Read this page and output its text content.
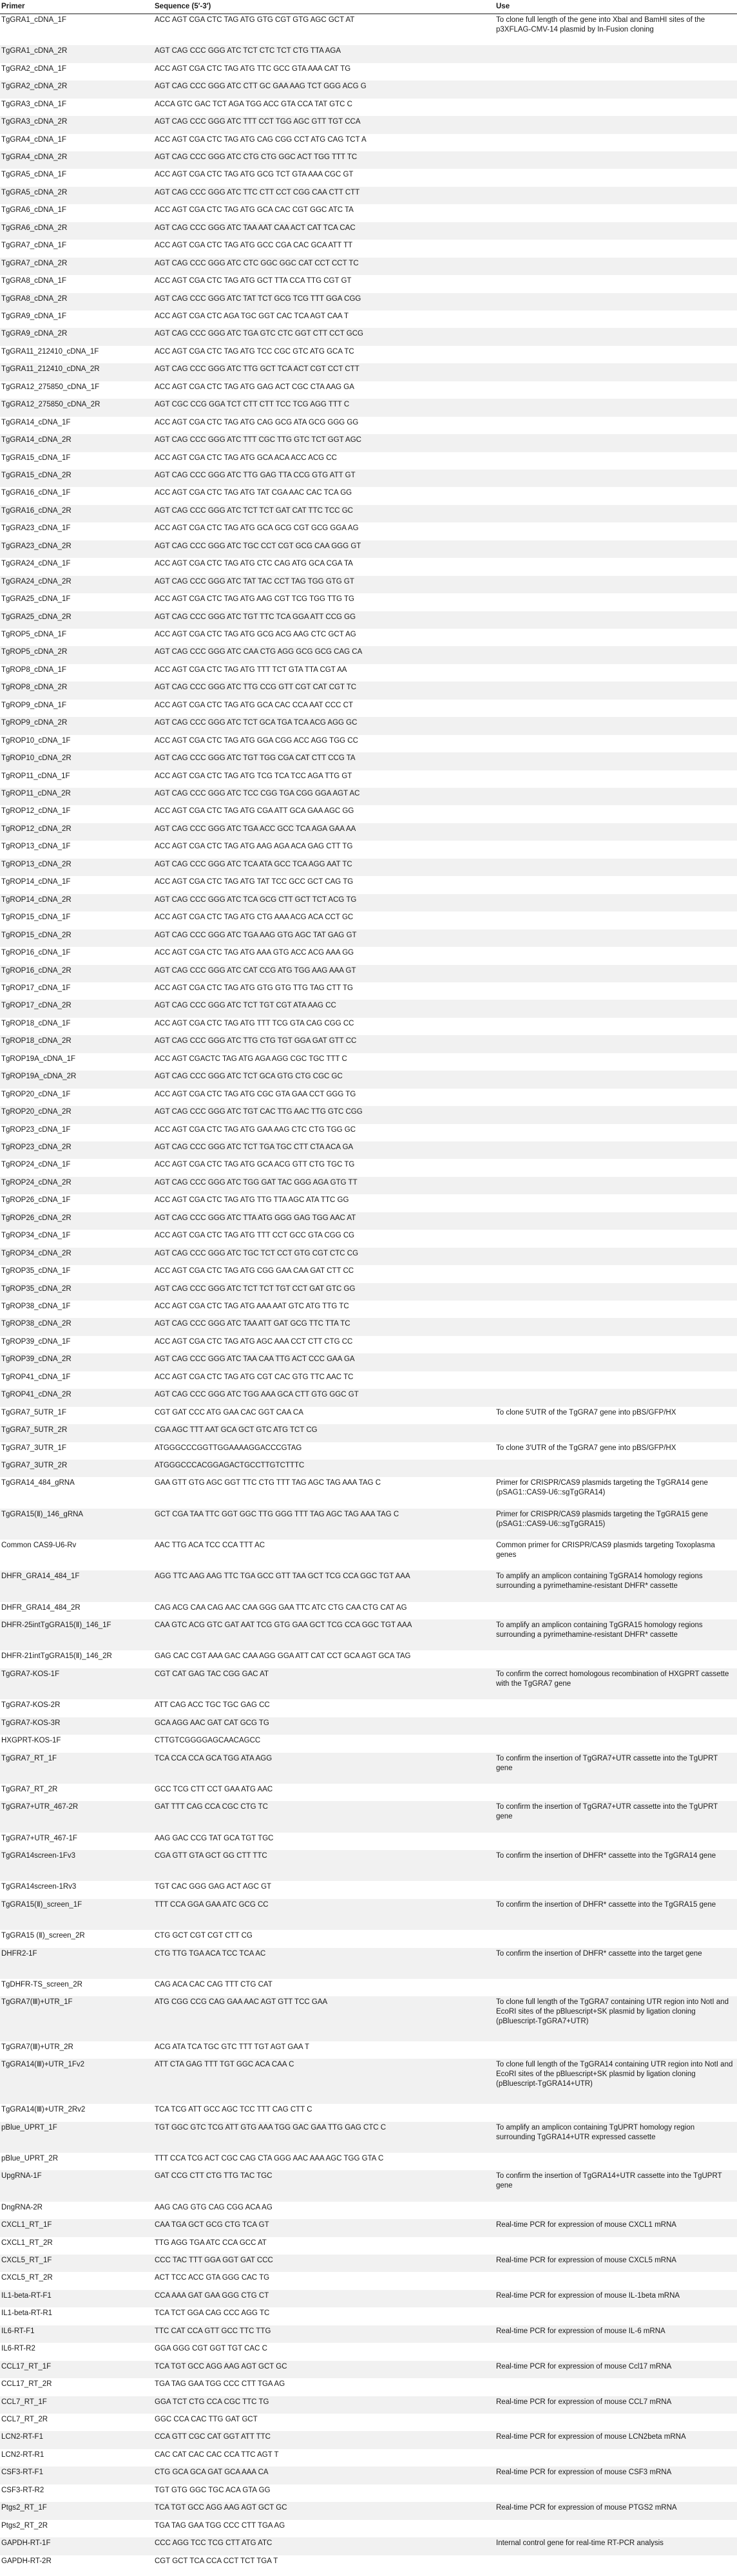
Primer	Sequence (5′-3′)	Use
TgGRA1_cDNA_1F	ACC AGT CGA CTC TAG ATG GTG CGT GTG AGC GCT AT	To clone full length of the gene into XbaI and BamHI sites of the p3XFLAG-CMV-14 plasmid by In-Fusion cloning
TgGRA1_cDNA_2R	AGT CAG CCC GGG ATC TCT CTC TCT CTG TTA AGA
TgGRA2_cDNA_1F	ACC AGT CGA CTC TAG ATG TTC GCC GTA AAA CAT TG
TgGRA2_cDNA_2R	AGT CAG CCC GGG ATC CTT GC GAA AAG TCT GGG ACG G
TgGRA3_cDNA_1F	ACCA GTC GAC TCT AGA TGG ACC GTA CCA TAT GTC C
TgGRA3_cDNA_2R	AGT CAG CCC GGG ATC TTT CCT TGG AGC GTT TGT CCA
TgGRA4_cDNA_1F	ACC AGT CGA CTC TAG ATG CAG CGG CCT ATG CAG TCT A
TgGRA4_cDNA_2R	AGT CAG CCC GGG ATC CTG CTG GGC ACT TGG TTT TC
TgGRA5_cDNA_1F	ACC AGT CGA CTC TAG ATG GCG TCT GTA AAA CGC GT
TgGRA5_cDNA_2R	AGT CAG CCC GGG ATC TTC CTT CCT CGG CAA CTT CTT
TgGRA6_cDNA_1F	ACC AGT CGA CTC TAG ATG GCA CAC CGT GGC ATC TA
TgGRA6_cDNA_2R	AGT CAG CCC GGG ATC TAA AAT CAA ACT CAT TCA CAC
TgGRA7_cDNA_1F	ACC AGT CGA CTC TAG ATG GCC CGA CAC GCA ATT TT
TgGRA7_cDNA_2R	AGT CAG CCC GGG ATC CTC GGC GGC CAT CCT CCT TC
TgGRA8_cDNA_1F	ACC AGT CGA CTC TAG ATG GCT TTA CCA TTG CGT GT
TgGRA8_cDNA_2R	AGT CAG CCC GGG ATC TAT TCT GCG TCG TTT GGA CGG
TgGRA9_cDNA_1F	ACC AGT CGA CTC AGA TGC GGT CAC TCA AGT CAA T
TgGRA9_cDNA_2R	AGT CAG CCC GGG ATC TGA GTC CTC GGT CTT CCT GCG
TgGRA11_212410_cDNA_1F	ACC AGT CGA CTC TAG ATG TCC CGC GTC ATG GCA TC
TgGRA11_212410_cDNA_2R	AGT CAG CCC GGG ATC TTG GCT TCA ACT CGT CCT CTT
TgGRA12_275850_cDNA_1F	ACC AGT CGA CTC TAG ATG GAG ACT CGC CTA AAG GA
TgGRA12_275850_cDNA_2R	AGT CGC CCG GGA TCT CTT CTT TCC TCG AGG TTT C
TgGRA14_cDNA_1F	ACC AGT CGA CTC TAG ATG CAG GCG ATA GCG GGG GG
TgGRA14_cDNA_2R	AGT CAG CCC GGG ATC TTT CGC TTG GTC TCT GGT AGC
TgGRA15_cDNA_1F	ACC AGT CGA CTC TAG ATG GCA ACA ACC ACG CC
TgGRA15_cDNA_2R	AGT CAG CCC GGG ATC TTG GAG TTA CCG GTG ATT GT
TgGRA16_cDNA_1F	ACC AGT CGA CTC TAG ATG TAT CGA AAC CAC TCA GG
TgGRA16_cDNA_2R	AGT CAG CCC GGG ATC TCT TCT GAT CAT TTC TCC GC
TgGRA23_cDNA_1F	ACC AGT CGA CTC TAG ATG GCA GCG CGT GCG GGA AG
TgGRA23_cDNA_2R	AGT CAG CCC GGG ATC TGC CCT CGT GCG CAA GGG GT
TgGRA24_cDNA_1F	ACC AGT CGA CTC TAG ATG CTC CAG ATG GCA CGA TA
TgGRA24_cDNA_2R	AGT CAG CCC GGG ATC TAT TAC CCT TAG TGG GTG GT
TgGRA25_cDNA_1F	ACC AGT CGA CTC TAG ATG AAG CGT TCG TGG TTG TG
TgGRA25_cDNA_2R	AGT CAG CCC GGG ATC TGT TTC TCA GGA ATT CCG GG
TgROP5_cDNA_1F	ACC AGT CGA CTC TAG ATG GCG ACG AAG CTC GCT AG
TgROP5_cDNA_2R	AGT CAG CCC GGG ATC CAA CTG AGG GCG GCG CAG CA
TgROP8_cDNA_1F	ACC AGT CGA CTC TAG ATG TTT TCT GTA TTA CGT AA
TgROP8_cDNA_2R	AGT CAG CCC GGG ATC TTG CCG GTT CGT CAT CGT TC
TgROP9_cDNA_1F	ACC AGT CGA CTC TAG ATG GCA CAC CCA AAT CCC CT
TgROP9_cDNA_2R	AGT CAG CCC GGG ATC TCT GCA TGA TCA ACG AGG GC
TgROP10_cDNA_1F	ACC AGT CGA CTC TAG ATG GGA CGG ACC AGG TGG CC
TgROP10_cDNA_2R	AGT CAG CCC GGG ATC TGT TGG CGA CAT CTT CCG TA
TgROP11_cDNA_1F	ACC AGT CGA CTC TAG ATG TCG TCA TCC AGA TTG GT
TgROP11_cDNA_2R	AGT CAG CCC GGG ATC TCC CGG TGA CGG GGA AGT AC
TgROP12_cDNA_1F	ACC AGT CGA CTC TAG ATG CGA ATT GCA GAA AGC GG
TgROP12_cDNA_2R	AGT CAG CCC GGG ATC TGA ACC GCC TCA AGA GAA AA
TgROP13_cDNA_1F	ACC AGT CGA CTC TAG ATG AAG AGA ACA GAG CTT TG
TgROP13_cDNA_2R	AGT CAG CCC GGG ATC TCA ATA GCC TCA AGG AAT TC
TgROP14_cDNA_1F	ACC AGT CGA CTC TAG ATG TAT TCC GCC GCT CAG TG
TgROP14_cDNA_2R	AGT CAG CCC GGG ATC TCA GCG CTT GCT TCT ACG TG
TgROP15_cDNA_1F	ACC AGT CGA CTC TAG ATG CTG AAA ACG ACA CCT GC
TgROP15_cDNA_2R	AGT CAG CCC GGG ATC TGA AAG GTG AGC TAT GAG GT
TgROP16_cDNA_1F	ACC AGT CGA CTC TAG ATG AAA GTG ACC ACG AAA GG
TgROP16_cDNA_2R	AGT CAG CCC GGG ATC CAT CCG ATG TGG AAG AAA GT
TgROP17_cDNA_1F	ACC AGT CGA CTC TAG ATG GTG GTG TTG TAG CTT TG
TgROP17_cDNA_2R	AGT CAG CCC GGG ATC TCT TGT CGT ATA AAG CC
TgROP18_cDNA_1F	ACC AGT CGA CTC TAG ATG TTT TCG GTA CAG CGG CC
TgROP18_cDNA_2R	AGT CAG CCC GGG ATC TTG CTG TGT GGA GAT GTT CC
TgROP19A_cDNA_1F	ACC AGT CGACTC TAG ATG AGA AGG CGC TGC TTT C
TgROP19A_cDNA_2R	AGT CAG CCC GGG ATC TCT GCA GTG CTG CGC GC
TgROP20_cDNA_1F	ACC AGT CGA CTC TAG ATG CGC GTA GAA CCT GGG TG
TgROP20_cDNA_2R	AGT CAG CCC GGG ATC TGT CAC TTG AAC TTG GTC CGG
TgROP23_cDNA_1F	ACC AGT CGA CTC TAG ATG GAA AAG CTC CTG TGG GC
TgROP23_cDNA_2R	AGT CAG CCC GGG ATC TCT TGA TGC CTT CTA ACA GA
TgROP24_cDNA_1F	ACC AGT CGA CTC TAG ATG GCA ACG GTT CTG TGC TG
TgROP24_cDNA_2R	AGT CAG CCC GGG ATC TGG GAT TAC GGG AGA GTG TT
TgROP26_cDNA_1F	ACC AGT CGA CTC TAG ATG TTG TTA AGC ATA TTC GG
TgROP26_cDNA_2R	AGT CAG CCC GGG ATC TTA ATG GGG GAG TGG AAC AT
TgROP34_cDNA_1F	ACC AGT CGA CTC TAG ATG TTT CCT GCC GTA CGG CG
TgROP34_cDNA_2R	AGT CAG CCC GGG ATC TGC TCT CCT GTG CGT CTC CG
TgROP35_cDNA_1F	ACC AGT CGA CTC TAG ATG CGG GAA CAA GAT CTT CC
TgROP35_cDNA_2R	AGT CAG CCC GGG ATC TCT TCT TGT CCT GAT GTC GG
TgROP38_cDNA_1F	ACC AGT CGA CTC TAG ATG AAA AAT GTC ATG TTG TC
TgROP38_cDNA_2R	AGT CAG CCC GGG ATC TAA ATT GAT GCG TTC TTA TC
TgROP39_cDNA_1F	ACC AGT CGA CTC TAG ATG AGC AAA CCT CTT CTG CC
TgROP39_cDNA_2R	AGT CAG CCC GGG ATC TAA CAA TTG ACT CCC GAA GA
TgROP41_cDNA_1F	ACC AGT CGA CTC TAG ATG CGT CAC GTG TTC AAC TC
TgROP41_cDNA_2R	AGT CAG CCC GGG ATC TGG AAA GCA CTT GTG GGC GT
TgGRA7_5UTR_1F	CGT GAT CCC ATG GAA CAC GGT CAA CA	To clone 5′UTR of the TgGRA7 gene into pBS/GFP/HX
TgGRA7_5UTR_2R	CGA AGC TTT AAT GCA GCT GTC ATG TCT CG
TgGRA7_3UTR_1F	ATGGGCCCGGTTGGAAAAGGACCCGTAG	To clone 3′UTR of the TgGRA7 gene into pBS/GFP/HX
TgGRA7_3UTR_2R	ATGGGCCCACGGAGACTGCCTTGTCTTTC
TgGRA14_484_gRNA	GAA GTT GTG AGC GGT TTC CTG TTT TAG AGC TAG AAA TAG C	Primer for CRISPR/CAS9 plasmids targeting the TgGRA14 gene (pSAG1::CAS9-U6::sgTgGRA14)
TgGRA15(Ⅱ)_146_gRNA	GCT CGA TAA TTC GGT GGC TTG GGG TTT TAG AGC TAG AAA TAG C	Primer for CRISPR/CAS9 plasmids targeting the TgGRA15 gene (pSAG1::CAS9-U6::sgTgGRA15)
Common CAS9-U6-Rv	AAC TTG ACA TCC CCA TTT AC	Common primer for CRISPR/CAS9 plasmids targeting Toxoplasma genes
DHFR_GRA14_484_1F	AGG TTC AAG AAG TTC TGA GCC GTT TAA GCT TCG CCA GGC TGT AAA	To amplify an amplicon containing TgGRA14 homology regions surrounding a pyrimethamine-resistant DHFR* cassette
DHFR_GRA14_484_2R	CAG ACG CAA CAG AAC CAA GGG GAA TTC ATC CTG CAA CTG CAT AG
DHFR-25intTgGRA15(Ⅱ)_146_1F	CAA GTC ACG GTC GAT AAT TCG GTG GAA GCT TCG CCA GGC TGT AAA	To amplify an amplicon containing TgGRA15 homology regions surrounding a pyrimethamine-resistant DHFR* cassette
DHFR-21intTgGRA15(Ⅱ)_146_2R	GAG CAC CGT AAA GAC CAA AGG GGA ATT CAT CCT GCA AGT GCA TAG
TgGRA7-KOS-1F	CGT CAT GAG TAC CGG GAC AT	To confirm the correct homologous recombination of HXGPRT cassette with the TgGRA7 gene
TgGRA7-KOS-2R	ATT CAG ACC TGC TGC GAG CC
TgGRA7-KOS-3R	GCA AGG AAC GAT CAT GCG TG
HXGPRT-KOS-1F	CTTGTCGGGGAGCAACAGCC
TgGRA7_RT_1F	TCA CCA CCA GCA TGG ATA AGG	To confirm the insertion of TgGRA7+UTR cassette into the TgUPRT gene
TgGRA7_RT_2R	GCC TCG CTT CCT GAA ATG AAC
TgGRA7+UTR_467-2R	GAT TTT CAG CCA CGC CTG TC	To confirm the insertion of TgGRA7+UTR cassette into the TgUPRT gene
TgGRA7+UTR_467-1F	AAG GAC CCG TAT GCA TGT TGC
TgGRA14screen-1Fv3	CGA GTT GTA GCT GG CTT TTC	To confirm the insertion of DHFR* cassette into the TgGRA14 gene
TgGRA14screen-1Rv3	TGT CAC GGG GAG ACT AGC GT
TgGRA15(Ⅱ)_screen_1F	TTT CCA GGA GAA ATC GCG CC	To confirm the insertion of DHFR* cassette into the TgGRA15 gene
TgGRA15 (Ⅱ)_screen_2R	CTG GCT CGT CGT CTT CG
DHFR2-1F	CTG TTG TGA ACA TCC TCA AC	To confirm the insertion of DHFR* cassette into the target gene
TgDHFR-TS_screen_2R	CAG ACA CAC CAG TTT CTG CAT
TgGRA7(Ⅲ)+UTR_1F	ATG CGG CCG CAG GAA AAC AGT GTT TCC GAA	To clone full length of the TgGRA7 containing UTR region into NotI and EcoRI sites of the pBluescript+SK plasmid by ligation cloning (pBluescript-TgGRA7+UTR)
TgGRA7(Ⅲ)+UTR_2R	ACG ATA TCA TGC GTC TTT TGT AGT GAA T
TgGRA14(Ⅲ)+UTR_1Fv2	ATT CTA GAG TTT TGT GGC ACA CAA C	To clone full length of the TgGRA14 containing UTR region into NotI and EcoRI sites of the pBluescript+SK plasmid by ligation cloning (pBluescript-TgGRA14+UTR)
TgGRA14(Ⅲ)+UTR_2Rv2	TCA TCG ATT GCC AGC TCC TTT CAG CTT C
pBlue_UPRT_1F	TGT GGC GTC TCG ATT GTG AAA TGG GAC GAA TTG GAG CTC C	To amplify an amplicon containing TgUPRT homology region surrounding TgGRA14+UTR expressed cassette
pBlue_UPRT_2R	TTT CCA TCG ACT CGC CAG CTA GGG AAC AAA AGC TGG GTA C
UpgRNA-1F	GAT CCG CTT CTG TTG TAC TGC	To confirm the insertion of TgGRA14+UTR cassette into the TgUPRT gene
DngRNA-2R	AAG CAG GTG CAG CGG ACA AG
CXCL1_RT_1F	CAA TGA GCT GCG CTG TCA GT	Real-time PCR for expression of mouse CXCL1 mRNA
CXCL1_RT_2R	TTG AGG TGA ATC CCA GCC AT
CXCL5_RT_1F	CCC TAC TTT GGA GGT GAT CCC	Real-time PCR for expression of mouse CXCL5 mRNA
CXCL5_RT_2R	ACT TCC ACC GTA GGG CAC TG
IL1-beta-RT-F1	CCA AAA GAT GAA GGG CTG CT	Real-time PCR for expression of mouse IL-1beta mRNA
IL1-beta-RT-R1	TCA TCT GGA CAG CCC AGG TC
IL6-RT-F1	TTC CAT CCA GTT GCC TTC TTG	Real-time PCR for expression of mouse IL-6 mRNA
IL6-RT-R2	GGA GGG CGT GGT TGT CAC C
CCL17_RT_1F	TCA TGT GCC AGG AAG AGT GCT GC	Real-time PCR for expression of mouse Ccl17 mRNA
CCL17_RT_2R	TGA TAG GAA TGG CCC CTT TGA AG
CCL7_RT_1F	GGA TCT CTG CCA CGC TTC TG	Real-time PCR for expression of mouse CCL7 mRNA
CCL7_RT_2R	GGC CCA CAC TTG GAT GCT
LCN2-RT-F1	CCA GTT CGC CAT GGT ATT TTC	Real-time PCR for expression of mouse LCN2beta mRNA
LCN2-RT-R1	CAC CAT CAC CAC CCA TTC AGT T
CSF3-RT-F1	CTG GCA GCA GAT GCA AAA CA	Real-time PCR for expression of mouse CSF3 mRNA
CSF3-RT-R2	TGT GTG GGC TGC ACA GTA GG
Ptgs2_RT_1F	TCA TGT GCC AGG AAG AGT GCT GC	Real-time PCR for expression of mouse PTGS2 mRNA
Ptgs2_RT_2R	TGA TAG GAA TGG CCC CTT TGA AG
GAPDH-RT-1F	CCC AGG TCC TCG CTT ATG ATC	Internal control gene for real-time RT-PCR analysis
GAPDH-RT-2R	CGT GCT TCA CCA CCT TCT TGA T
